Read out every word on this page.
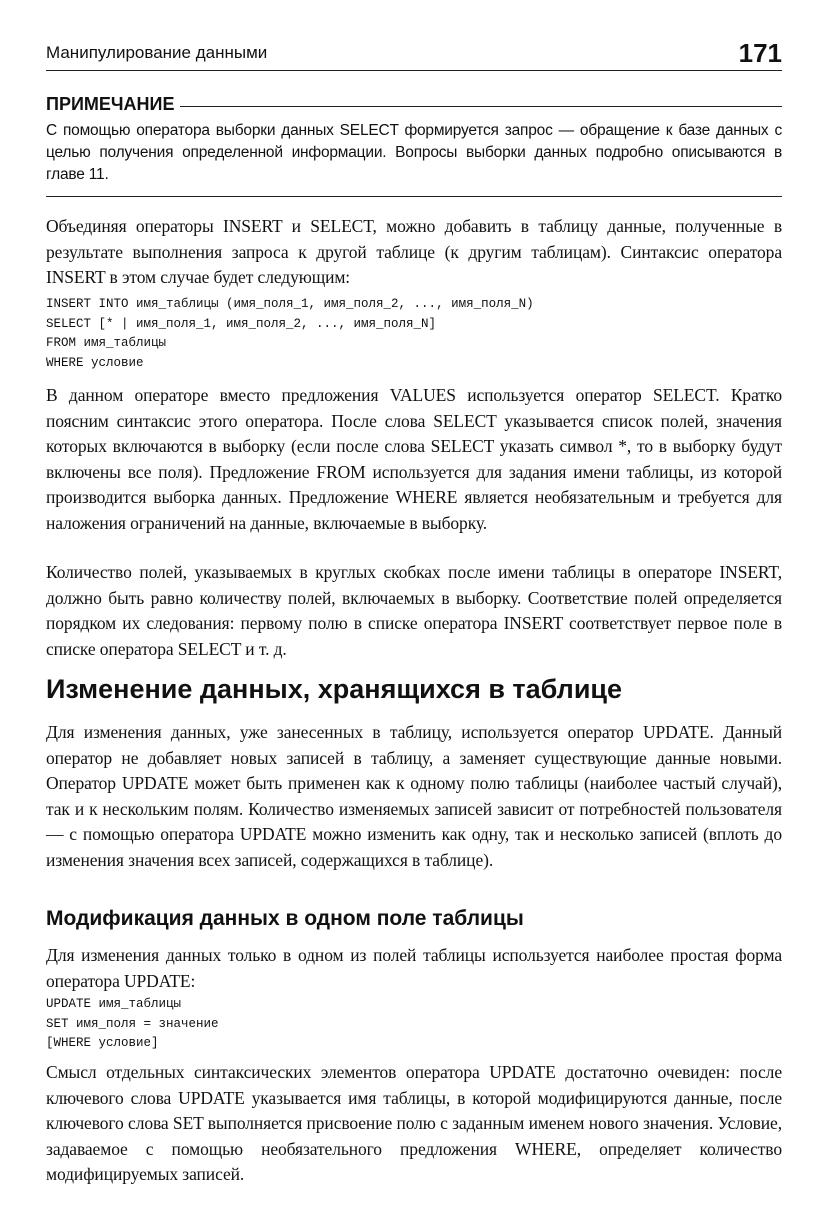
Манипулирование данными	171
ПРИМЕЧАНИЕ
С помощью оператора выборки данных SELECT формируется запрос — обращение к базе данных с целью получения определенной информации. Вопросы выборки данных подробно описываются в главе 11.

Объединяя операторы INSERT и SELECT, можно добавить в таблицу данные, полученные в результате выполнения запроса к другой таблице (к другим таблицам). Синтаксис оператора INSERT в этом случае будет следующим:

INSERT INTO имя_таблицы (имя_поля_1, имя_поля_2, ..., имя_поля_N)
SELECT [* | имя_поля_1, имя_поля_2, ..., имя_поля_N]
FROM имя_таблицы
WHERE условие

В данном операторе вместо предложения VALUES используется оператор SELECT. Кратко поясним синтаксис этого оператора. После слова SELECT указывается список полей, значения которых включаются в выборку (если после слова SELECT указать символ *, то в выборку будут включены все поля). Предложение FROM используется для задания имени таблицы, из которой производится выборка данных. Предложение WHERE является необязательным и требуется для наложения ограничений на данные, включаемые в выборку.

Количество полей, указываемых в круглых скобках после имени таблицы в операторе INSERT, должно быть равно количеству полей, включаемых в выборку. Соответствие полей определяется порядком их следования: первому полю в списке оператора INSERT соответствует первое поле в списке оператора SELECT и т. д.

Изменение данных, хранящихся в таблице

Для изменения данных, уже занесенных в таблицу, используется оператор UPDATE. Данный оператор не добавляет новых записей в таблицу, а заменяет существующие данные новыми. Оператор UPDATE может быть применен как к одному полю таблицы (наиболее частый случай), так и к нескольким полям. Количество изменяемых записей зависит от потребностей пользователя — с помощью оператора UPDATE можно изменить как одну, так и несколько записей (вплоть до изменения значения всех записей, содержащихся в таблице).

Модификация данных в одном поле таблицы

Для изменения данных только в одном из полей таблицы используется наиболее простая форма оператора UPDATE:

UPDATE имя_таблицы
SET имя_поля = значение
[WHERE условие]

Смысл отдельных синтаксических элементов оператора UPDATE достаточно очевиден: после ключевого слова UPDATE указывается имя таблицы, в которой модифицируются данные, после ключевого слова SET выполняется присвоение полю с заданным именем нового значения. Условие, задаваемое с помощью необязательного предложения WHERE, определяет количество модифицируемых записей.
